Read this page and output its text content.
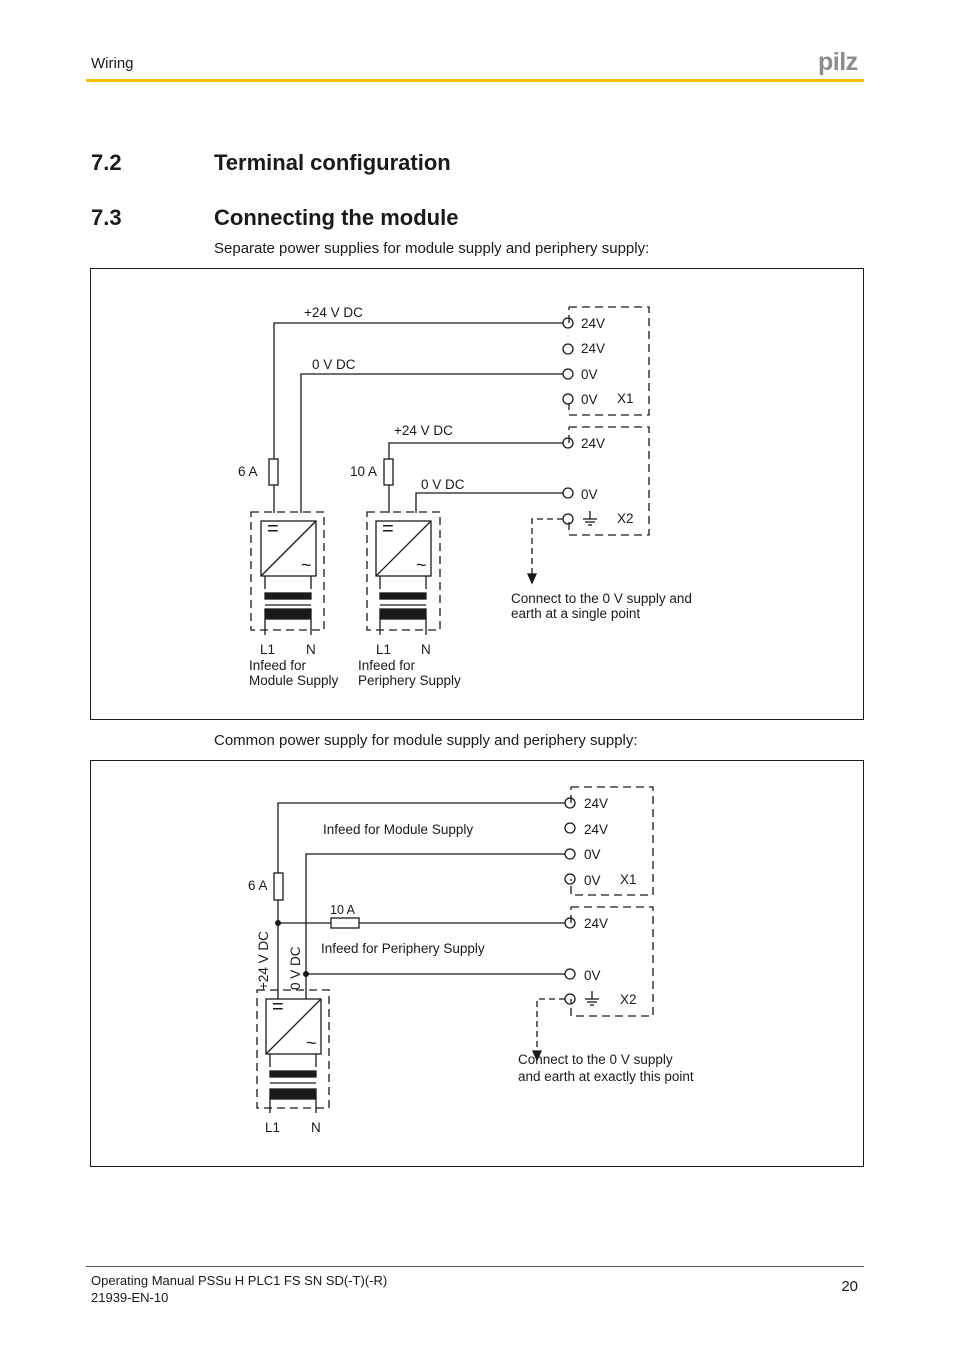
Wiring	pilz
7.2	Terminal configuration
7.3	Connecting the module
Separate power supplies for module supply and periphery supply:
+24 V DC
0 V DC
+24 V DC
0 V DC
6 A	10 A
24V
24V
0V
0V X1
24V
0V
X2
=
~
=
~
L1 N	L1 N
Infeed for
Module Supply
Infeed for
Periphery Supply
Connect to the 0 V supply and
earth at a single point
Common power supply for module supply and periphery supply:
6 A
10 A
Infeed for Module Supply
Infeed for Periphery Supply
+24 V DC 0 V DC
24V
24V
0V
0V X1
24V
0V
X2
=
~
L1 N
Connect to the 0 V supply
and earth at exactly this point
Operating Manual PSSu H PLC1 FS SN SD(-T)(-R)
21939-EN-10
20
